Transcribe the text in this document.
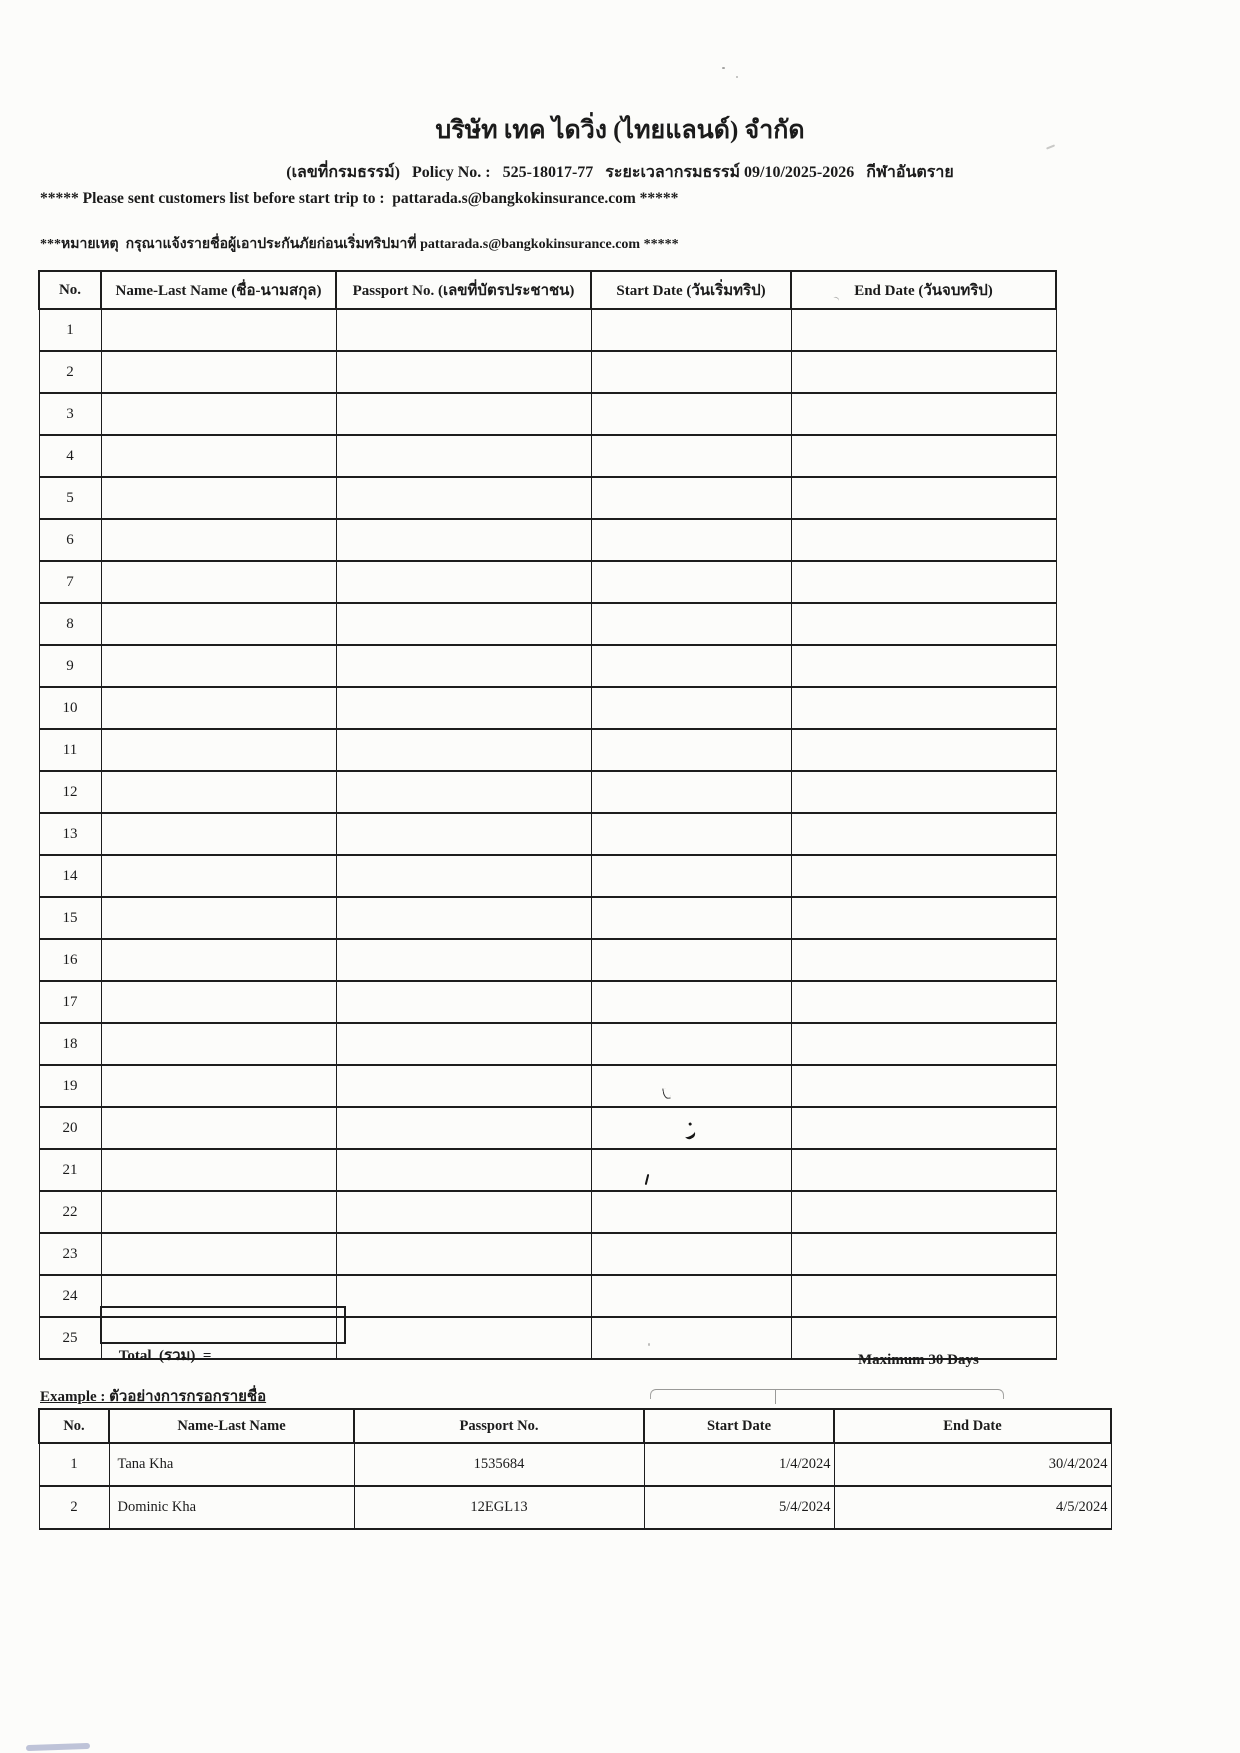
บริษัท เทค ไดวิ่ง (ไทยแลนด์) จำกัด
(เลขที่กรมธรรม์) Policy No. : 525-18017-77 ระยะเวลากรมธรรม์ 09/10/2025-2026 กีฬาอันตราย
***** Please sent customers list before start trip to :  pattarada.s@bangkokinsurance.com *****
***หมายเหตุ  กรุณาแจ้งรายชื่อผู้เอาประกันภัยก่อนเริ่มทริปมาที่ pattarada.s@bangkokinsurance.com *****
No.	Name-Last Name (ชื่อ-นามสกุล)	Passport No. (เลขที่บัตรประชาชน)	Start Date (วันเริ่มทริป)	End Date (วันจบทริป)
1				
2				
3				
4				
5				
6				
7				
8				
9				
10				
11				
12				
13				
14				
15				
16				
17				
18				
19				
20				
21				
22				
23				
24				
25				

Total  (รวม)  =
	Maximum 30 Days
Example : ตัวอย่างการกรอกรายชื่อ
No.	Name-Last Name	Passport No.	Start Date	End Date
1	Tana Kha	1535684	1/4/2024	30/4/2024
2	Dominic Kha	12EGL13	5/4/2024	4/5/2024
